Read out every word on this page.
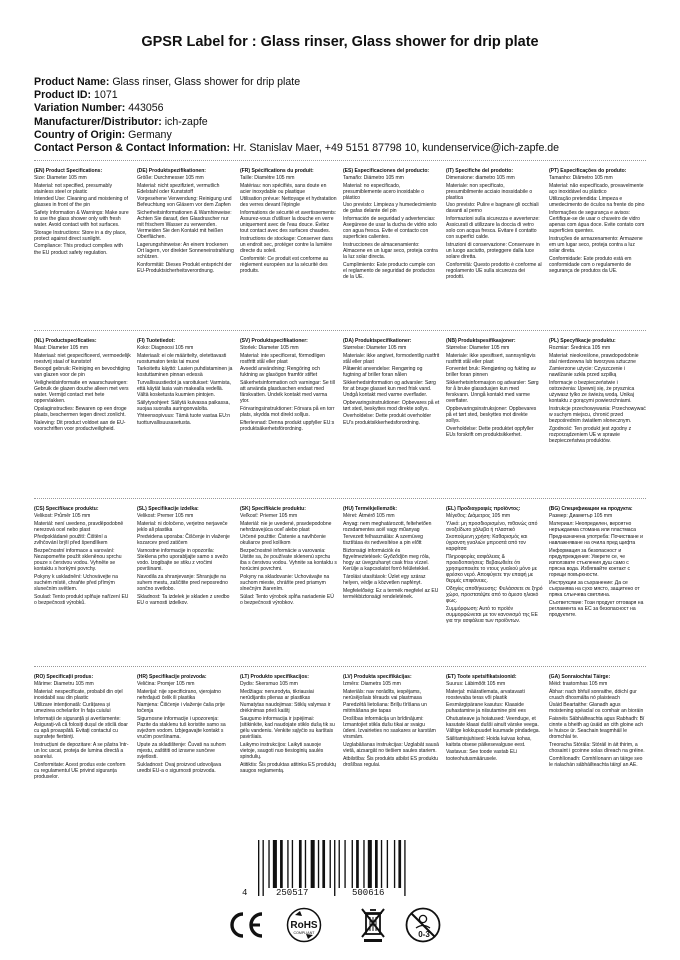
GPSR Label for : Glass rinser, Glass shower for drip plate
Product Name: Glass rinser, Glass shower for drip plate
Product ID: 1071
Variation Number: 443056
Manufacturer/Distributor: ich-zapfe
Country of Origin: Germany
Contact Person & Contact Information: Hr. Stanislav Maer, +49 5151 87798 10, kundenservice@ich-zapfe.de
(EN) Product Specifications:
Size: Diameter 105 mm
Material: not specified, presumably stainless steel or plastic
Intended Use: Cleaning and moistening of glasses in front of the pin
Safety Information & Warnings: Make sure to use the glass shower only with fresh water. Avoid contact with hot surfaces.
Storage Instructions: Store in a dry place, protect against direct sunlight.
Compliance: This product complies with the EU product safety regulation.
(DE) Produktspezifikationen:
Größe: Durchmesser 105 mm
Material: nicht spezifiziert, vermutlich Edelstahl oder Kunststoff
Vorgesehene Verwendung: Reinigung und Befeuchtung von Gläsern vor dem Zapfen
Sicherheitsinformationen & Warnhinweise: Achten Sie darauf, den Glasdruscher nur mit frischem Wasser zu verwenden. Vermeiden Sie den Kontakt mit heißen Oberflächen.
Lagerungshinweise: An einem trockenen Ort lagern, vor direkter Sonneneinstrahlung schützen.
Konformität: Dieses Produkt entspricht der EU-Produktsicherheitsverordnung.
(FR) Spécifications du produit:
Taille: Diamètre 105 mm
Matériau: non spécifiés, sans doute en acier inoxydable ou plastique
Utilisation prévue: Nettoyage et hydratation des verres devant l'épingle
Informations de sécurité et avertissements: Assurez-vous d'utiliser la douche en verre uniquement avec de l'eau douce. Évitez tout contact avec des surfaces chaudes.
Instructions de stockage: Conserver dans un endroit sec, protéger contre la lumière directe du soleil.
Conformité: Ce produit est conforme au règlement européen sur la sécurité des produits.
(ES) Especificaciones del producto:
Tamaño: Diámetro 105 mm
Material: no especificado, presumiblemente acero inoxidable o plástico
Uso previsto: Limpieza y humedecimiento de gafas delante del pin
Información de seguridad y advertencias: Asegúrese de usar la ducha de vidrio solo con agua fresca. Evite el contacto con superficies calientes.
Instrucciones de almacenamiento: Almacene en un lugar seco, proteja contra la luz solar directa.
Cumplimiento: Este producto cumple con el reglamento de seguridad de productos de la UE.
(IT) Specifiche del prodotto:
Dimensione: diametro 105 mm
Materiale: non specificato, presumibilmente acciaio inossidabile o plastica
Uso previsto: Pulire e bagnare gli occhiali davanti al perno
Informazioni sulla sicurezza e avvertenze: Assicurati di utilizzare la doccia di vetro solo con acqua fresca. Evitare il contatto con superfici calde.
Istruzioni di conservazione: Conservare in un luogo asciutto, proteggere dalla luce solare diretta.
Conformità: Questo prodotto è conforme al regolamento UE sulla sicurezza dei prodotti.
(PT) Especificações do produto:
Tamanho: Diâmetro 105 mm
Material: não especificado, provavelmente aço inoxidável ou plástico
Utilização pretendida: Limpeza e umedecimento de óculos na frente do pino
Informações de segurança e avisos: Certifique-se de usar o chuveiro de vidro apenas com água doce. Evite contato com superfícies quentes.
Instruções de armazenamento: Armazene em um lugar seco, proteja contra a luz solar direta.
Conformidade: Este produto está em conformidade com o regulamento de segurança de produtos da UE.
(NL) Productspecificaties:
Maat: Diameter 105 mm
Materiaal: niet gespecificeerd, vermoedelijk roestvrij staal of kunststof
Beoogd gebruik: Reiniging en bevochtiging van glazen voor de pin
Veiligheidsinformatie en waarschuwingen: Gebruik de glazen douche alleen met vers water. Vermijd contact met hete oppervlakken.
Opslaginstructies: Bewaren op een droge plaats, beschermen tegen direct zonlicht.
Naleving: Dit product voldoet aan de EU-voorschriften voor productveiligheid.
(FI) Tuotetiedot:
Koko: Diagnoosi 105 mm
Materiaali: ei ole määritelty, oletettavasti ruostumaton teräs tai muovi
Tarkoitettu käyttö: Lasien puhdistaminen ja kostuttaminen pinnan edessä
Turvallisuustiedot ja varoitukset: Varmista, että käytät lasia vain makealla vedellä. Vältä kosketusta kuumien pintojen.
Säilytysohjeet: Säilytä kuivassa paikassa, suojaa suoralta auringonvalolta.
Yhteensopivuus: Tämä tuote vastaa EU:n tuotturvallisuusasetusta.
(SV) Produktspecifikationer:
Storlek: Diameter 105 mm
Material: inte specificerat, förmodligen rostfritt stål eller plast
Avsedd användning: Rengöring och fuktning av glasögon framför stiftet
Säkerhetsinformation och varningar: Se till att använda glasduschen endast med färskvatten. Undvik kontakt med varma ytor.
Förvaringsinstruktioner: Förvara på en torr plats, skydda mot direkt solljus.
Efterlevnad: Denna produkt uppfyller EU:s produktsäkerhetsförordning.
(DA) Produktspecifikationer:
Størrelse: Diameter 105 mm
Materiale: ikke angivet, formodentlig rustfrit stål eller plast
Påtænkt anvendelse: Rengøring og fugtning af briller foran nålen
Sikkerhedsinformation og advarsler: Sørg for at bruge glasset kun med frisk vand. Undgå kontakt med varme overflader.
Opbevaringsinstruktioner: Opbevares på et tørt sted, beskyttes mod direkte sollys.
Overholdelse: Dette produkt overholder EU's produktsikkerhedsforordning.
(NB) Produktspesifikasjoner:
Størrelse: Diameter 105 mm
Materiale: ikke spesifisert, sannsynligvis rustfritt stål eller plast
Forventet bruk: Rengjøring og fukting av briller foran pinnen
Sikkerhetsinformasjon og advarsler: Sørg for å bruke glassdusjen kun med ferskvann. Unngå kontakt med varme overflater.
Oppbevaringsinstruksjoner: Oppbevares på et tørt sted, beskyttes mot direkte sollys.
Overholdelse: Dette produktet oppfyller EUs forskrift om produktsikkerhet.
(PL) Specyfikacje produktu:
Rozmiar: Średnica 105 mm
Materiał: nieokreślone, prawdopodobnie stal nierdzewna lub tworzywa sztuczne
Zamierzone użycie: Czyszczenie i nawilżanie szkła przed szpilką
Informacje o bezpieczeństwie i ostrzeżenia: Upewnij się, że prysznica używasz tylko ze świeżą wodą. Unikaj kontaktu z gorącymi powierzchniami.
Instrukcje przechowywania: Przechowywać w suchym miejscu, chronić przed bezpośrednim światłem słonecznym.
Zgodność: Ten produkt jest zgodny z rozporządzeniem UE w sprawie bezpieczeństwa produktów.
(CS) Specifikace produktu:
Velikost: Průměr 105 mm
Materiál: není uvedeno, pravděpodobně nerezová ocel nebo plast
Předpokládané použití: Čištění a zvlhčování brýlí před špendlíkem
Bezpečnostní informace a varování: Nezapomeňte použít skleněnou sprchu pouze s čerstvou vodou. Vyhněte se kontaktu s horkými povrchy.
Pokyny k uskladnění: Uchovávejte na suchém místě, chraňte před přímým slunečním světlem.
Soulad: Tento produkt splňuje nařízení EU o bezpečnosti výrobků.
(SL) Specifikacije izdelka:
Velikost: Premer 105 mm
Material: ni določeno, verjetno nerjaveče jeklo ali plastika
Predvidena uporaba: Čiščenje in vlaženje kozarcev pred zatičem
Varnostne informacije in opozorila: Steklena prho uporabljajte samo s svežo vodo. Izogibajte se stiku z vročimi površinami.
Navodila za shranjevanje: Shranjujte na suhem mestu, zaščitite pred neposredno sončno svetlobo.
Skladnost: Ta izdelek je skladen z uredbo EU o varnosti izdelkov.
(SK) Špecifikácie produktu:
Veľkosť: Priemer 105 mm
Materiál: nie je uvedené, pravdepodobne nehrdzavejúca oceľ alebo plast
Určené použitie: Čistenie a navlhčenie okuliarov pred kolíkom
Bezpečnostné informácie a varovania: Uistite sa, že používate sklenenú sprchu iba s čerstvou vodou. Vyhnite sa kontaktu s horúcimi povrchmi.
Pokyny na skladovanie: Uchovávajte na suchom mieste, chráňte pred priamym slnečným žiarením.
Súlad: Tento výrobok spĺňa nariadenie EÚ o bezpečnosti výrobkov.
(HU) Termékjellemzők:
Méret: Átmérő 105 mm
Anyag: nem meghatározott, feltehetően rozsdamentes acél vagy műanyag
Tervezett felhasználás: A szemüveg tisztítása és nedvesítése a pin előtt
Biztonsági információk és figyelmeztetések: Győződjön meg róla, hogy az üvegzuhanyt csak friss vízzel. Kerülje a kapcsolatot forró felületekkel.
Tárolási utasítások: Üzlet egy száraz helyen, védje a közvetlen napfényt.
Megfelelőség: Ez a termék megfelel az EU termékbiztonsági rendeletének.
(EL) Προδιαγραφές προϊόντος:
Μέγεθος: Διάμετρος 105 mm
Υλικό: μη προσδιορισμένο, πιθανώς από ανοξείδωτο χάλυβα ή πλαστικό
Σκοπούμενη χρήση: Καθαρισμός και ύγρανση γυαλιών μπροστά από τον καρφίτσα
Πληροφορίες ασφάλειας & προειδοποιήσεις: Βεβαιωθείτε ότι χρησιμοποιείτε το ντους γυαλιού μόνο με φρέσκο νερό. Αποφύγετε την επαφή με θερμές επιφάνειες.
Οδηγίες αποθήκευσης: Φυλάσσετε σε ξηρό χώρο, προστατέψτε από το άμεσο ηλιακό φως.
Συμμόρφωση: Αυτό το προϊόν συμμορφώνεται με τον κανονισμό της ΕΕ για την ασφάλεια των προϊόντων.
(BG) Спецификации на продукта:
Размер: Диаметър 105 mm
Материал: Неопределен, вероятно неръждаема стомана или пластмаса
Предназначена употреба: Почистване и навлажняване на очила пред щифта
Информация за безопасност и предупреждения: Уверете се, че използвате стъкления душ само с прясна вода. Избягвайте контакт с горещи повърхности.
Инструкции за съхранение: Да се съхранява на сухо място, защитено от пряка слънчева светлина.
Съответствие: Този продукт отговаря на регламента на ЕС за безопасност на продуктите.
(RO) Specificații produs:
Mărime: Diametru 105 mm
Material: nespecificate, probabil din oțel inoxidabil sau din plastic
Utilizare intenționată: Curățarea și umezirea ochelarilor în fața cuiului
Informații de siguranță și avertismente: Asigurați-vă că folosiți dușul de sticlă doar cu apă proaspătă. Evitați contactul cu suprafețe fierbinți.
Instrucțiuni de depozitare: A se păstra într-un loc uscat, proteja de lumina directă a soarelui.
Conformitate: Acest produs este conform cu regulamentul UE privind siguranța produselor.
(HR) Specifikacije proizvoda:
Veličina: Promjer 105 mm
Materijal: nije specificirano, vjerojatno nehrđajući čelik ili plastika
Namjena: Čišćenje i vlaženje čaša prije točenja
Sigurnosne informacije i upozorenja: Pazite da staklenu tuš koristite samo sa svježom vodom. Izbjegavajte kontakt s vrućim površinama.
Upute za skladištenje: Čuvati na suhom mjestu, zaštititi od izravne sunčeve svjetlosti.
Sukladnost: Ovaj proizvod udovoljava uredbi EU-a o sigurnosti proizvoda.
(LT) Produkto specifikacijos:
Dydis: Skersmuo 105 mm
Medžiaga: nenurodyta, tikriausiai nerūdijantis plienas ar plastikas
Numatytas naudojimas: Stiklų valymas ir drėkinimas prieš kaištį
Saugumo informacija ir įspėjimai: Įsitikinkite, kad naudojate stiklo dušą tik su gėlu vandeniu. Venkite sąlyčio su karštais paviršiais.
Laikymo instrukcijos: Laikyti sausoje vietoje, saugoti nuo tiesioginių saulės spindulių.
Atitiktis: Šis produktas atitinka ES produktų saugos reglamentą.
(LV) Produkta specifikācijas:
Izmērs: Diametrs 105 mm
Materiāls: nav norādīts, iespējams, nerūsējošais tērauds vai plastmasa
Paredzētā lietošana: Brilļu tīrīšana un mitrināšana pie tapas
Drošības informācija un brīdinājumi: Izmantojiet stikla dušu tikai ar svaigu ūdeni. Izvairieties no saskares ar karstām virsmām.
Uzglabāšanas instrukcijas: Uzglabāt sausā vietā, aizsargāt no tiešiem saules stariem.
Atbilstība: Šis produkts atbilst ES produktu drošības regulai.
(ET) Toote spetsifikatsioonid:
Suurus: Läbimõõt 105 mm
Materjal: määratlemata, arvatavasti roostevaba teras või plastik
Eesmärgipärane kasutus: Klaaside puhastamine ja niisutamine pini ees
Ohutusteave ja hoiatused: Veenduge, et kasutate klaasi dušši ainult värske veega. Vältige kokkupuudet kuumade pindadega.
Säilitamisjuhised: Hoida kuivas kohas, kaitsta otsese päikesevalguse eest.
Vastavus: See toode vastab ELi tooteohutusmäärusele.
(GA) Sonraíochtaí Táirge:
Méid: trastomhas 105 mm
Ábhar: nach bhfuil sonraithe, dóichí gur cruach dhosmálta nó plaisteach
Úsáid Beartaithe: Glanadh agus moistening spéaclaí os comhair an bioráin
Faisnéis Sábháilteachta agus Rabhadh: Bí cinnte a bheith ag úsáid an cith gloine ach le huisce úr. Seachain teagmháil le dromchlaí te.
Treoracha Stórála: Stóráil in áit thirim, a chosaint i gcoinne solas díreach na gréine.
Comhlíonadh: Comhlíonann an táirge seo le rialachán sábháilteachta táirgí an AE.
4	250517	500616
RoHS
COMPLIANT	0-3
